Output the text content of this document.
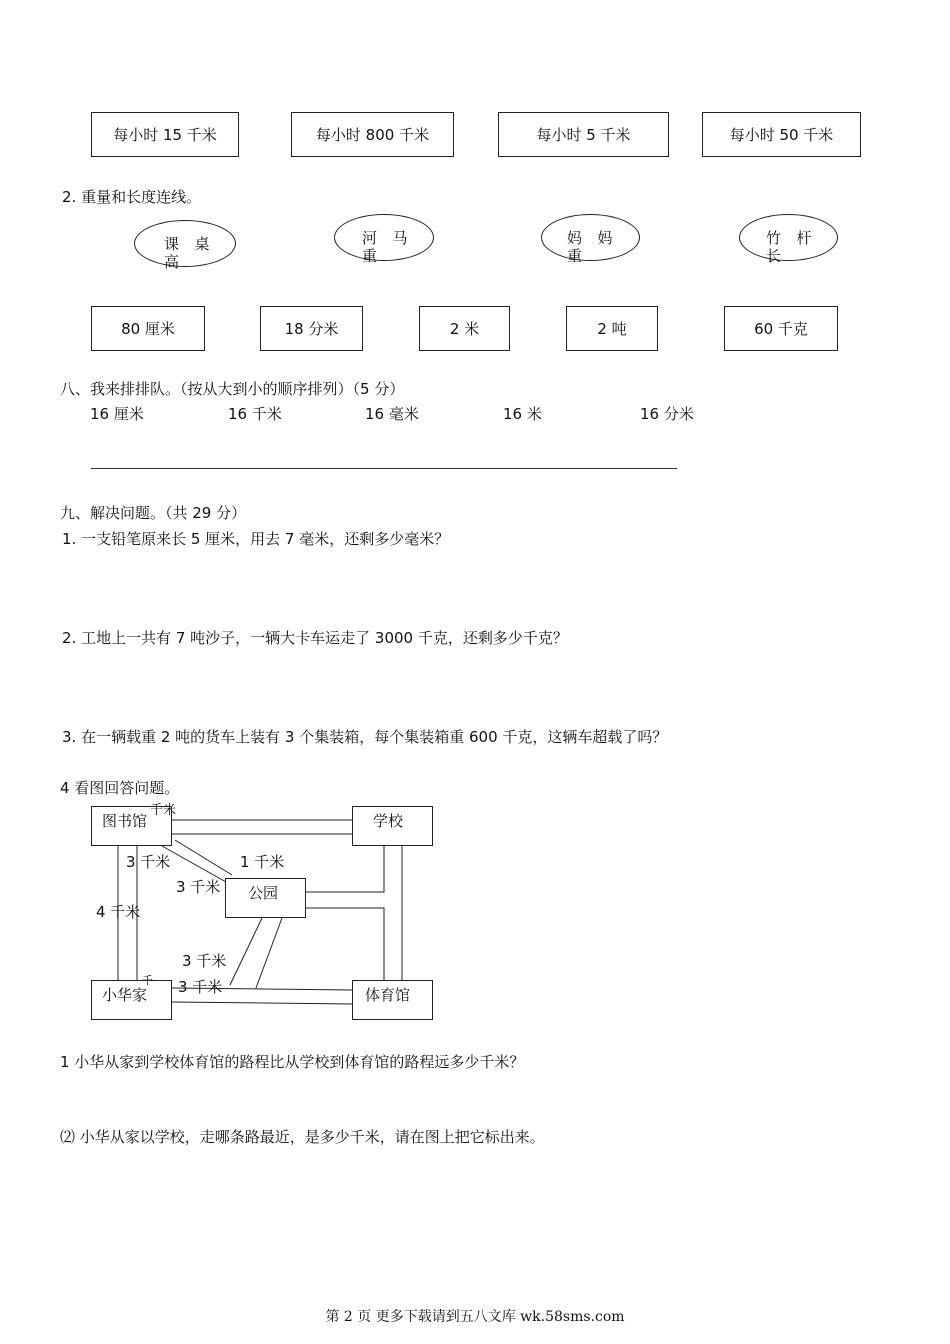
每小时 15 千米	每小时 800 千米	每小时 5 千米	每小时 50 千米
2. 重量和长度连线。
课  桌
高
河  马
重
妈  妈
重
竹  杆
长
80 厘米	18 分米	2 米	2 吨	60 千克
八、我来排排队。（按从大到小的顺序排列）（5 分）
16 厘米	16 千米	16 毫米	16 米	16 分米
九、解决问题。（共 29 分）
1. 一支铅笔原来长 5 厘米，用去 7 毫米，还剩多少毫米？
2. 工地上一共有 7 吨沙子，一辆大卡车运走了 3000 千克，还剩多少千克？
3. 在一辆载重 2 吨的货车上装有 3 个集装箱，每个集装箱重 600 千克，这辆车超载了吗？
4 看图回答问题。
图书馆	学校
公园
小华家	体育馆
千米
3 千米
3 千米
1 千米
4 千米
3 千米
3 千米
千
1 小华从家到学校体育馆的路程比从学校到体育馆的路程远多少千米？
⑵ 小华从家以学校，走哪条路最近，是多少千米，请在图上把它标出来。
第 2 页 更多下载请到五八文库 wk.58sms.com
